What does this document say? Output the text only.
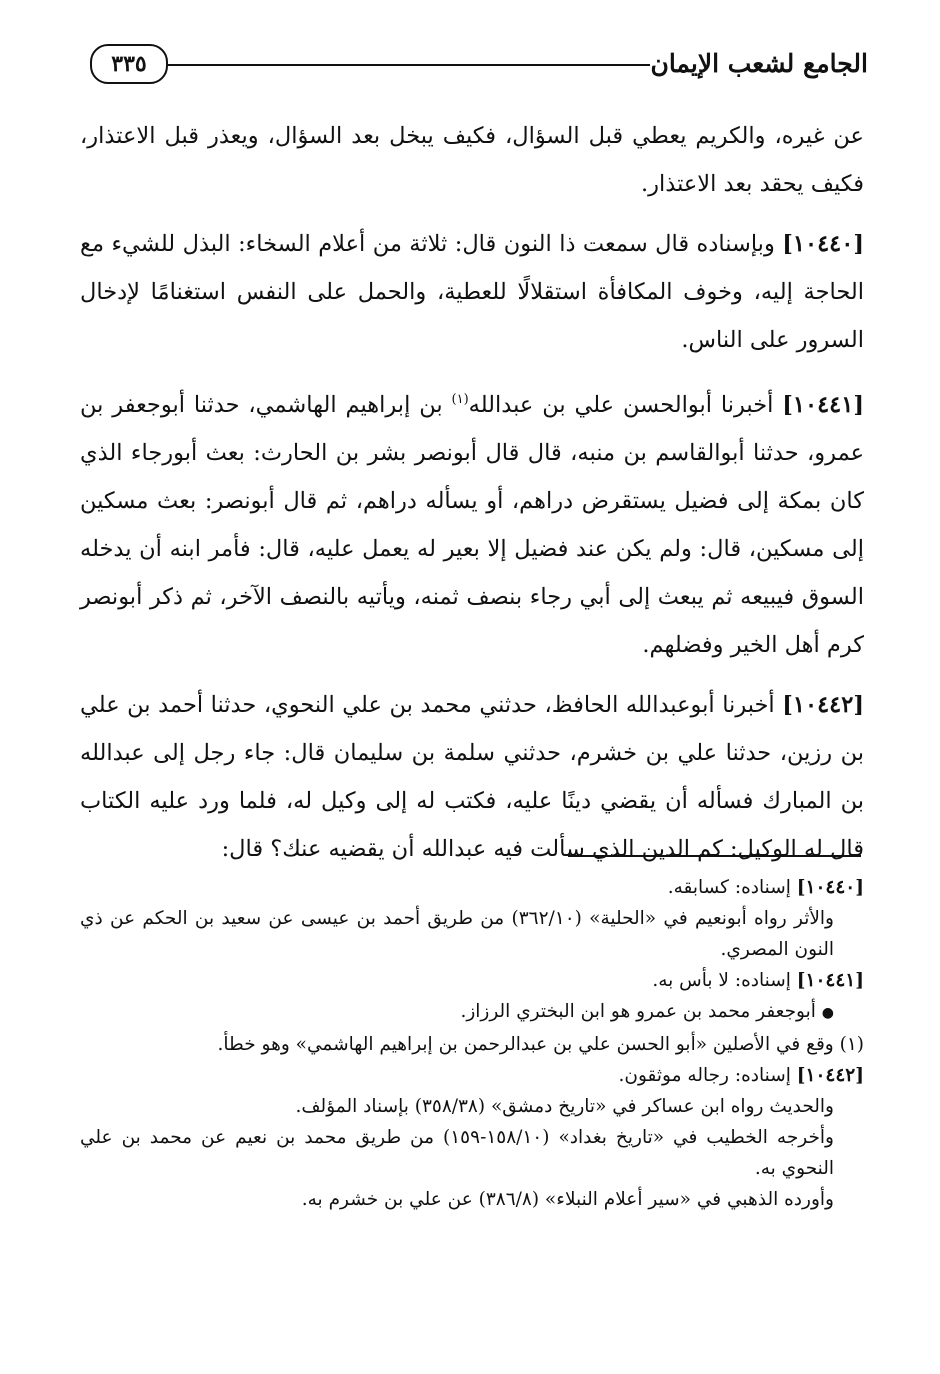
الجامع لشعب الإيمان
٣٣٥

عن غيره، والكريم يعطي قبل السؤال، فكيف يبخل بعد السؤال، ويعذر قبل الاعتذار، فكيف يحقد بعد الاعتذار.

[١٠٤٤٠] وبإسناده قال سمعت ذا النون قال: ثلاثة من أعلام السخاء: البذل للشيء مع الحاجة إليه، وخوف المكافأة استقلالًا للعطية، والحمل على النفس استغنامًا لإدخال السرور على الناس.

[١٠٤٤١] أخبرنا أبوالحسن علي بن عبدالله$^{(١)}$ بن إبراهيم الهاشمي، حدثنا أبوجعفر بن عمرو، حدثنا أبوالقاسم بن منبه، قال قال أبونصر بشر بن الحارث: بعث أبورجاء الذي كان بمكة إلى فضيل يستقرض دراهم، أو يسأله دراهم، ثم قال أبونصر: بعث مسكين إلى مسكين، قال: ولم يكن عند فضيل إلا بعير له يعمل عليه، قال: فأمر ابنه أن يدخله السوق فيبيعه ثم يبعث إلى أبي رجاء بنصف ثمنه، ويأتيه بالنصف الآخر، ثم ذكر أبونصر كرم أهل الخير وفضلهم.

[١٠٤٤٢] أخبرنا أبوعبدالله الحافظ، حدثني محمد بن علي النحوي، حدثنا أحمد بن علي بن رزين، حدثنا علي بن خشرم، حدثني سلمة بن سليمان قال: جاء رجل إلى عبدالله بن المبارك فسأله أن يقضي دينًا عليه، فكتب له إلى وكيل له، فلما ورد عليه الكتاب قال له الوكيل: كم الدين الذي سألت فيه عبدالله أن يقضيه عنك؟ قال:

[١٠٤٤٠] إسناده: كسابقه.

والأثر رواه أبونعيم في «الحلية» (٣٦٢/١٠) من طريق أحمد بن عيسى عن سعيد بن الحكم عن ذي النون المصري.

[١٠٤٤١] إسناده: لا بأس به.

● أبوجعفر محمد بن عمرو هو ابن البختري الرزاز.

(١) وقع في الأصلين «أبو الحسن علي بن عبدالرحمن بن إبراهيم الهاشمي» وهو خطأ.

[١٠٤٤٢] إسناده: رجاله موثقون.

والحديث رواه ابن عساكر في «تاريخ دمشق» (٣٥٨/٣٨) بإسناد المؤلف.

وأخرجه الخطيب في «تاريخ بغداد» (١٥٨/١٠-١٥٩) من طريق محمد بن نعيم عن محمد بن علي النحوي به.

وأورده الذهبي في «سير أعلام النبلاء» (٣٨٦/٨) عن علي بن خشرم به.
